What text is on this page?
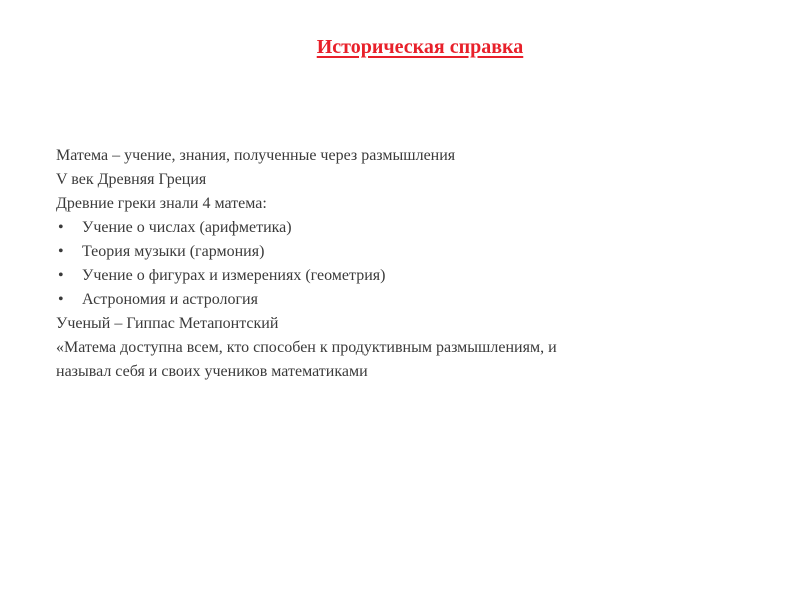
Историческая справка

Матема – учение, знания, полученные через размышления

V век Древняя Греция

Древние греки знали 4 матема:

• Учение о числах (арифметика)
• Теория музыки (гармония)
• Учение о фигурах и измерениях (геометрия)
• Астрономия и астрология

Ученый – Гиппас Метапонтский

«Матема доступна всем, кто способен к продуктивным размышлениям, и

называл себя и своих учеников математиками
